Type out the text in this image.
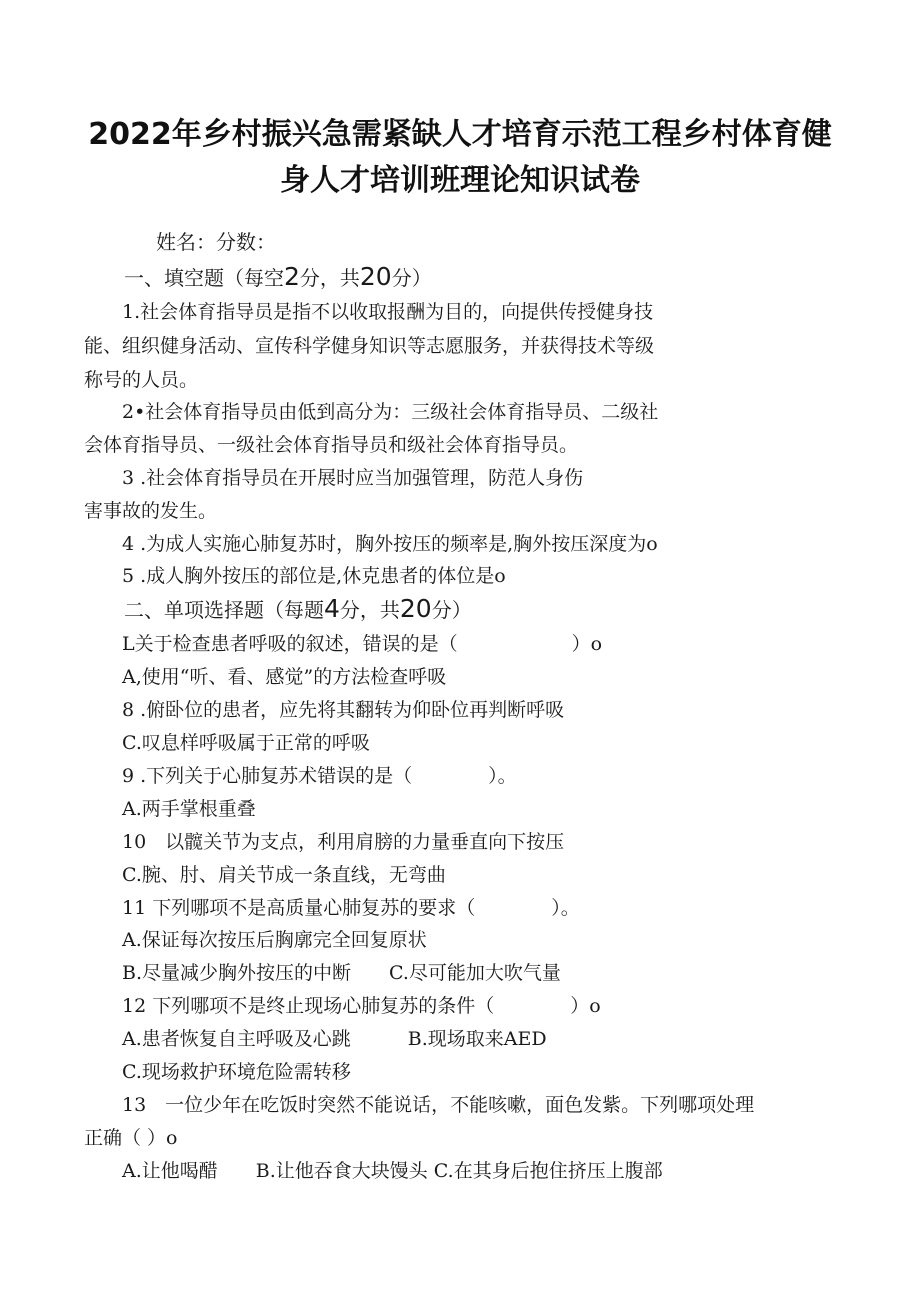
2022年乡村振兴急需紧缺人才培育示范工程乡村体育健
身人才培训班理论知识试卷
姓名：分数：
一、填空题（每空2分，共20分）
1.社会体育指导员是指不以收取报酬为目的，向提供传授健身技
能、组织健身活动、宣传科学健身知识等志愿服务，并获得技术等级
称号的人员。
2•社会体育指导员由低到高分为：三级社会体育指导员、二级社
会体育指导员、一级社会体育指导员和级社会体育指导员。
3 .社会体育指导员在开展时应当加强管理，防范人身伤
害事故的发生。
4 .为成人实施心肺复苏时，胸外按压的频率是,胸外按压深度为o
5 .成人胸外按压的部位是,休克患者的体位是o
二、单项选择题（每题4分，共20分）
L关于检查患者呼吸的叙述，错误的是（　　　　　　）o
A,使用“听、看、感觉”的方法检查呼吸
8 .俯卧位的患者，应先将其翻转为仰卧位再判断呼吸
C.叹息样呼吸属于正常的呼吸
9 .下列关于心肺复苏术错误的是（　　　　）。
A.两手掌根重叠
10　以髋关节为支点，利用肩膀的力量垂直向下按压
C.腕、肘、肩关节成一条直线，无弯曲
11 下列哪项不是高质量心肺复苏的要求（　　　　）。
A.保证每次按压后胸廓完全回复原状
B.尽量减少胸外按压的中断　　C.尽可能加大吹气量
12 下列哪项不是终止现场心肺复苏的条件（　　　　）o
A.患者恢复自主呼吸及心跳　　　B.现场取来AED
C.现场救护环境危险需转移
13　一位少年在吃饭时突然不能说话，不能咳嗽，面色发紫。下列哪项处理
正确（ ）o
A.让他喝醋　　B.让他吞食大块馒头 C.在其身后抱住挤压上腹部
